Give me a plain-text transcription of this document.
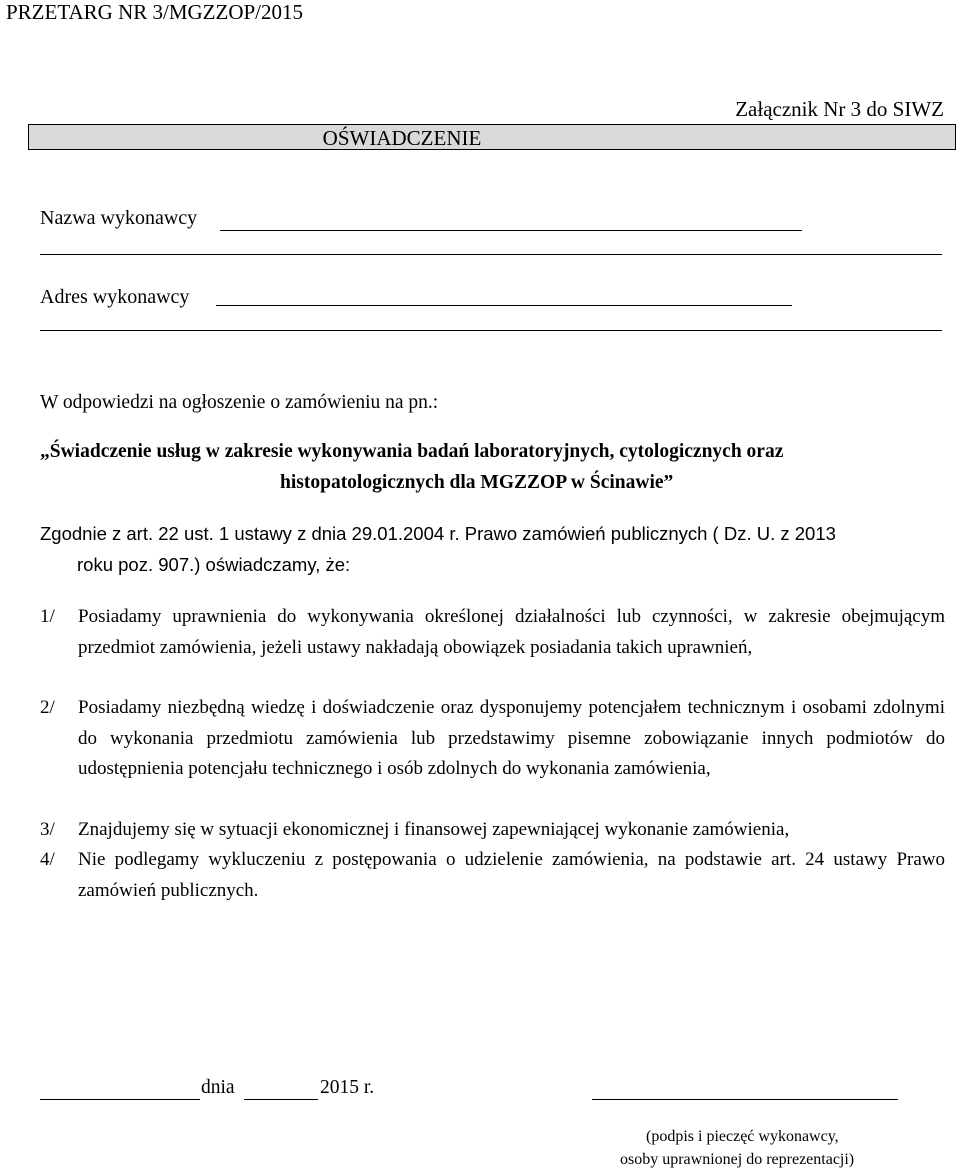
PRZETARG NR 3/MGZZOP/2015
Załącznik Nr 3 do SIWZ
OŚWIADCZENIE
Nazwa wykonawcy
Adres wykonawcy
W odpowiedzi na ogłoszenie o zamówieniu na pn.:
„Świadczenie usług w zakresie wykonywania badań laboratoryjnych, cytologicznych oraz
histopatologicznych dla MGZZOP w Ścinawie”
Zgodnie z art. 22 ust. 1 ustawy z dnia 29.01.2004 r. Prawo zamówień publicznych ( Dz. U. z 2013
roku poz. 907.) oświadczamy, że:
1/ Posiadamy uprawnienia do wykonywania określonej działalności lub czynności, w zakresie obejmującym przedmiot zamówienia, jeżeli ustawy nakładają obowiązek posiadania takich uprawnień,
2/ Posiadamy niezbędną wiedzę i doświadczenie oraz dysponujemy potencjałem technicznym i osobami zdolnymi do wykonania przedmiotu zamówienia lub przedstawimy pisemne zobowiązanie innych podmiotów do udostępnienia potencjału technicznego i osób zdolnych do wykonania zamówienia,
3/ Znajdujemy się w sytuacji ekonomicznej i finansowej zapewniającej wykonanie zamówienia,
4/ Nie podlegamy wykluczeniu z postępowania o udzielenie zamówienia, na podstawie art. 24 ustawy Prawo zamówień publicznych.
dnia	2015 r.
(podpis i pieczęć wykonawcy,
osoby uprawnionej do reprezentacji)
